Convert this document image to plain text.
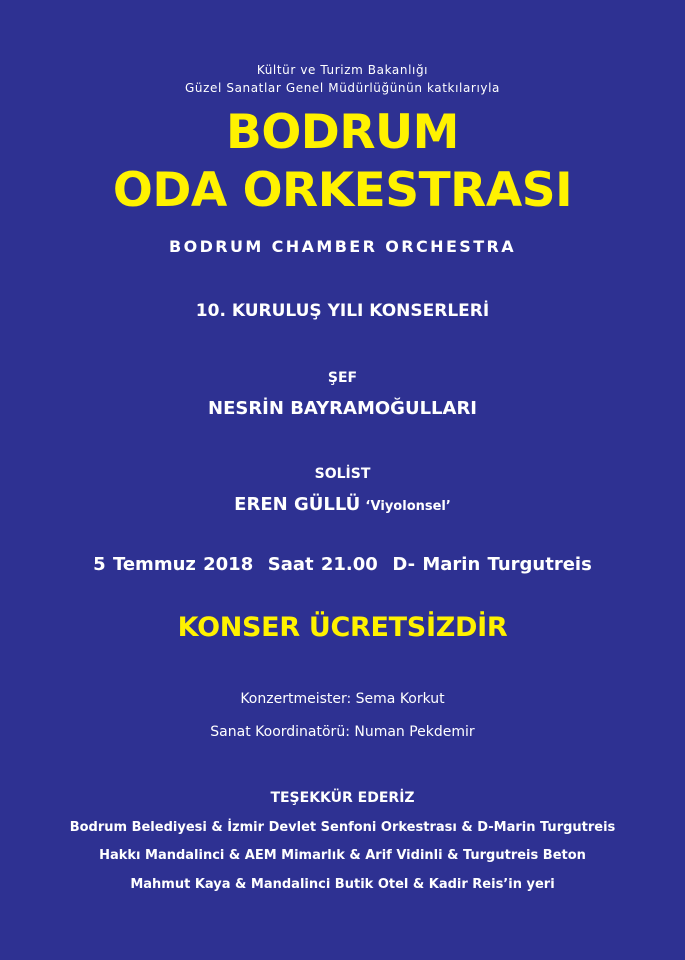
Kültür ve Turizm Bakanlığı
Güzel Sanatlar Genel Müdürlüğünün katkılarıyla
BODRUM
ODA ORKESTRASI
BODRUM CHAMBER ORCHESTRA
10. KURULUŞ YILI KONSERLERİ
ŞEF
NESRİN BAYRAMOĞULLARI
SOLİST
EREN GÜLLÜ ‘Viyolonsel’
5 Temmuz 2018  Saat 21.00  D- Marin Turgutreis
KONSER ÜCRETSİZDİR
Konzertmeister: Sema Korkut
Sanat Koordinatörü: Numan Pekdemir
TEŞEKKÜR EDERİZ
Bodrum Belediyesi & İzmir Devlet Senfoni Orkestrası & D-Marin Turgutreis
Hakkı Mandalinci & AEM Mimarlık & Arif Vidinli & Turgutreis Beton
Mahmut Kaya & Mandalinci Butik Otel & Kadir Reis’in yeri
